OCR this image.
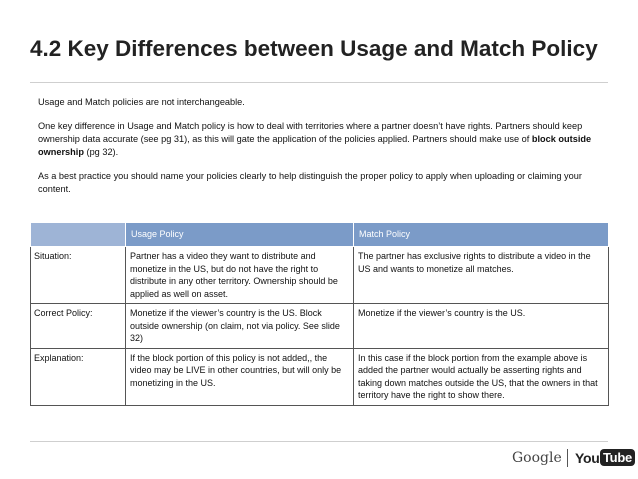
4.2 Key Differences between Usage and Match Policy

Usage and Match policies are not interchangeable.

One key difference in Usage and Match policy is how to deal with territories where a partner doesn’t have rights. Partners should keep ownership data accurate (see pg 31), as this will gate the application of the policies applied. Partners should make use of block outside ownership (pg 32).

As a best practice you should name your policies clearly to help distinguish the proper policy to apply when uploading or claiming your content.

	Usage Policy	Match Policy
Situation:	Partner has a video they want to distribute and monetize in the US, but do not have the right to distribute in any other territory. Ownership should be applied as well on asset.	The partner has exclusive rights to distribute a video in the US and wants to monetize all matches.
Correct Policy:	Monetize if the viewer’s country is the US. Block outside ownership (on claim, not via policy. See slide 32)	Monetize if the viewer’s country is the US.
Explanation:	If the block portion of this policy is not added,, the video may be LIVE in other countries, but will only be monetizing in the US.	In this case if the block portion from the example above is added the partner would actually be asserting rights and taking down matches outside the US, that the owners in that territory have the right to show there.
Google You Tube
